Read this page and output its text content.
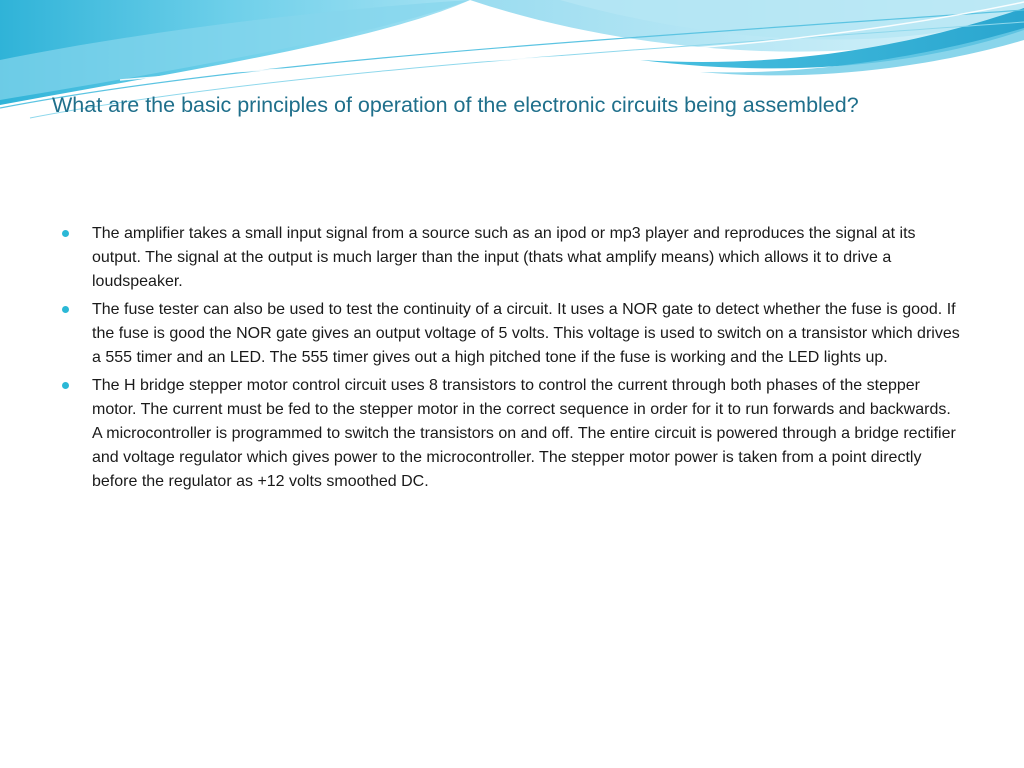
What are the basic principles of operation of the electronic circuits being assembled?
The amplifier takes a small input signal from a source such as an ipod or mp3 player and reproduces the signal at its output. The signal at the output is much larger than the input (thats what amplify means) which allows it to drive a loudspeaker.
The fuse tester can also be used to test the continuity of a circuit. It uses a NOR gate to detect whether the fuse is good. If the fuse is good the NOR gate gives an output voltage of 5 volts. This voltage is used to switch on a transistor which drives a 555 timer and an LED. The 555 timer gives out a high pitched tone if the fuse is working and the LED lights up.
The H bridge stepper motor control circuit uses 8 transistors to control the current through both phases of the stepper motor. The current must be fed to the stepper motor in the correct sequence in order for it to run forwards and backwards. A microcontroller is programmed to switch the transistors on and off. The entire circuit is powered through a bridge rectifier and voltage regulator which gives power to the microcontroller. The stepper motor power is taken from a point directly before the regulator as +12 volts smoothed DC.
